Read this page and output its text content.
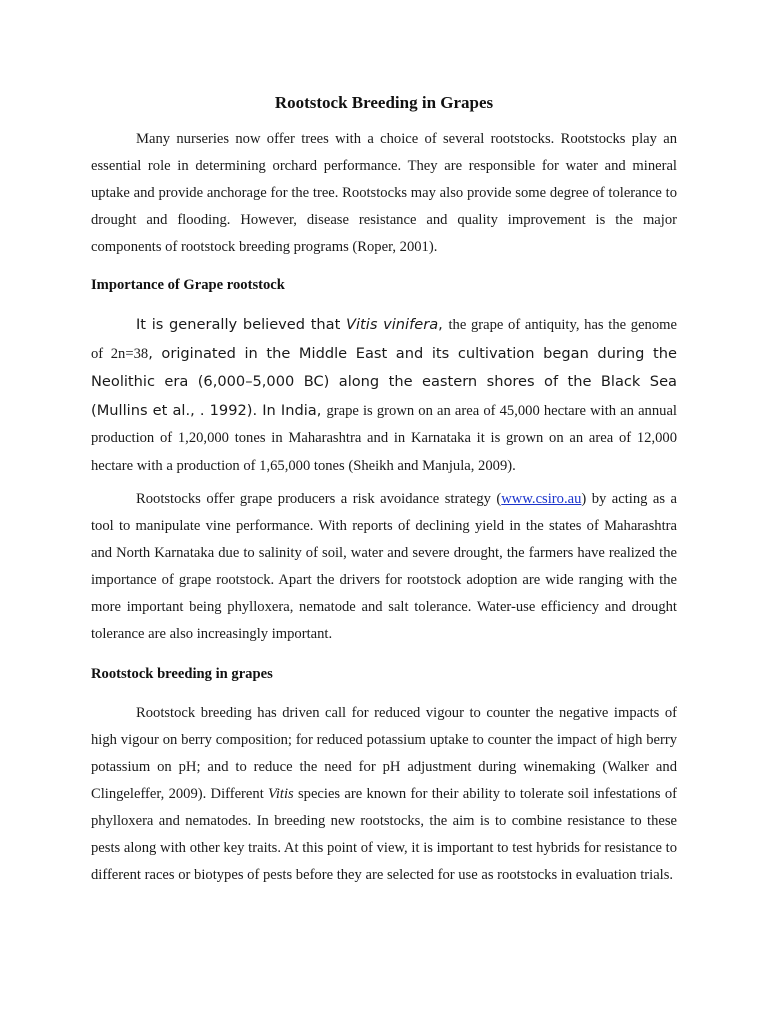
Rootstock Breeding in Grapes

Many nurseries now offer trees with a choice of several rootstocks. Rootstocks play an essential role in determining orchard performance. They are responsible for water and mineral uptake and provide anchorage for the tree. Rootstocks may also provide some degree of tolerance to drought and flooding. However, disease resistance and quality improvement is the major components of rootstock breeding programs (Roper, 2001).

Importance of Grape rootstock

It is generally believed that Vitis vinifera, the grape of antiquity, has the genome of 2n=38, originated in the Middle East and its cultivation began during the Neolithic era (6,000–5,000 BC) along the eastern shores of the Black Sea (Mullins et al., . 1992). In India, grape is grown on an area of 45,000 hectare with an annual production of 1,20,000 tones in Maharashtra and in Karnataka it is grown on an area of 12,000 hectare with a production of 1,65,000 tones (Sheikh and Manjula, 2009).

Rootstocks offer grape producers a risk avoidance strategy (www.csiro.au) by acting as a tool to manipulate vine performance. With reports of declining yield in the states of Maharashtra and North Karnataka due to salinity of soil, water and severe drought, the farmers have realized the importance of grape rootstock. Apart the drivers for rootstock adoption are wide ranging with the more important being phylloxera, nematode and salt tolerance. Water-use efficiency and drought tolerance are also increasingly important.

Rootstock breeding in grapes

Rootstock breeding has driven call for reduced vigour to counter the negative impacts of high vigour on berry composition; for reduced potassium uptake to counter the impact of high berry potassium on pH; and to reduce the need for pH adjustment during winemaking (Walker and Clingeleffer, 2009). Different Vitis species are known for their ability to tolerate soil infestations of phylloxera and nematodes. In breeding new rootstocks, the aim is to combine resistance to these pests along with other key traits. At this point of view, it is important to test hybrids for resistance to different races or biotypes of pests before they are selected for use as rootstocks in evaluation trials.
